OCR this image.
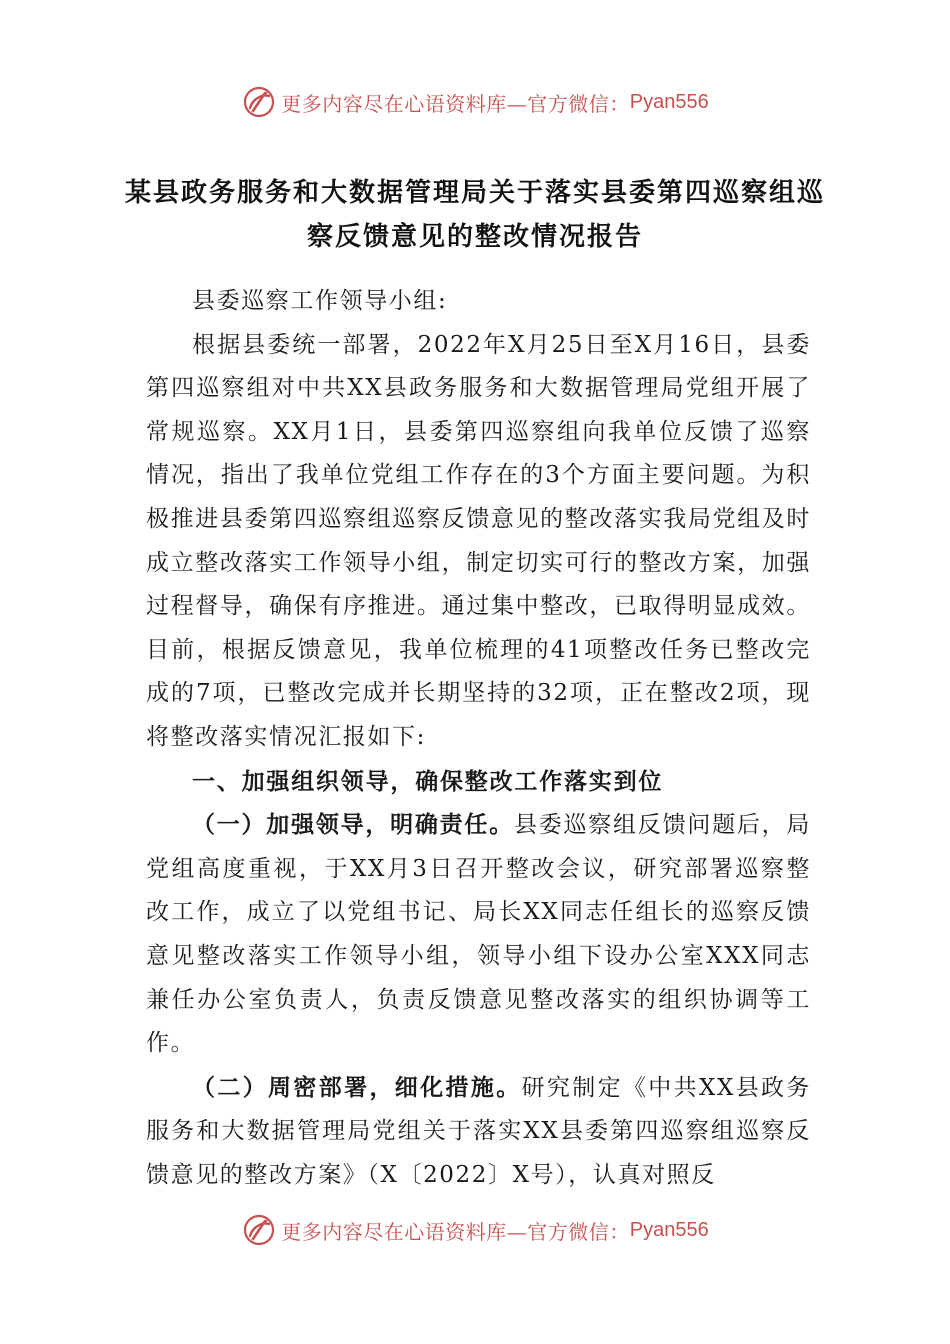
更多内容尽在心语资料库—官方微信： Pyan556
某县政务服务和大数据管理局关于落实县委第四巡察组巡
察反馈意见的整改情况报告

县委巡察工作领导小组:

根据县委统一部署，2022年X月25日至X月16日，县委第四巡察组对中共XX县政务服务和大数据管理局党组开展了常规巡察。XX月1日，县委第四巡察组向我单位反馈了巡察情况，指出了我单位党组工作存在的3个方面主要问题。为积极推进县委第四巡察组巡察反馈意见的整改落实我局党组及时成立整改落实工作领导小组，制定切实可行的整改方案，加强过程督导，确保有序推进。通过集中整改，已取得明显成效。目前，根据反馈意见，我单位梳理的41项整改任务已整改完成的7项，已整改完成并长期坚持的32项，正在整改2项，现将整改落实情况汇报如下:

一、加强组织领导，确保整改工作落实到位

（一）加强领导，明确责任。县委巡察组反馈问题后，局党组高度重视，于XX月3日召开整改会议，研究部署巡察整改工作，成立了以党组书记、局长XX同志任组长的巡察反馈意见整改落实工作领导小组，领导小组下设办公室XXX同志兼任办公室负责人，负责反馈意见整改落实的组织协调等工作。

（二）周密部署，细化措施。研究制定《中共XX县政务服务和大数据管理局党组关于落实XX县委第四巡察组巡察反馈意见的整改方案》（X〔2022〕X号），认真对照反

更多内容尽在心语资料库—官方微信： Pyan556
